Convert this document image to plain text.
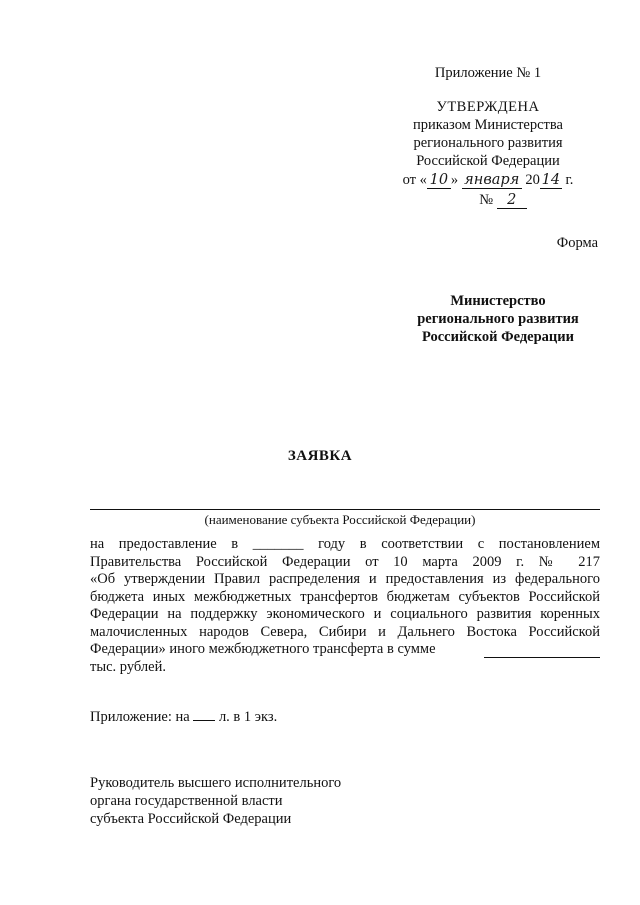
Приложение № 1
УТВЕРЖДЕНА
приказом Министерства
регионального развития
Российской Федерации
от « 10 » января 20 14 г.
№ 2
Форма
Министерство
регионального развития
Российской Федерации
ЗАЯВКА
(наименование субъекта Российской Федерации)
на предоставление в _______ году в соответствии с постановлением
Правительства Российской Федерации от 10 марта 2009 г. № 217
«Об утверждении Правил распределения и предоставления из федерального
бюджета иных межбюджетных трансфертов бюджетам субъектов Российской
Федерации на поддержку экономического и социального развития коренных
малочисленных народов Севера, Сибири и Дальнего Востока Российской
Федерации» иного межбюджетного трансферта в сумме
тыс. рублей.
Приложение: на л. в 1 экз.
Руководитель высшего исполнительного
органа государственной власти
субъекта Российской Федерации
